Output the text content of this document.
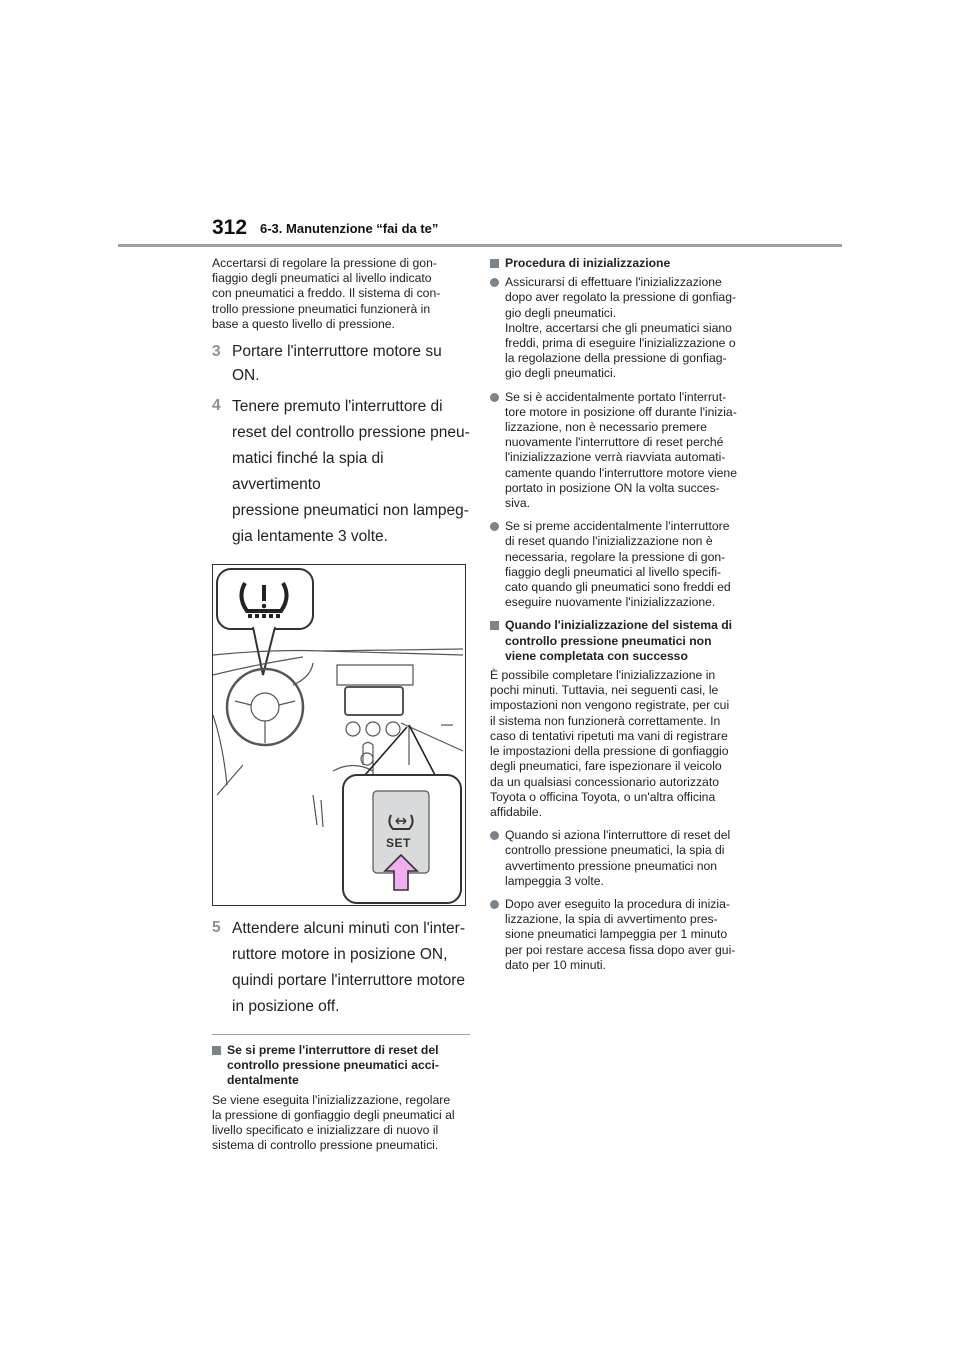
312 6-3. Manutenzione “fai da te”

Accertarsi di regolare la pressione di gon-
fiaggio degli pneumatici al livello indicato
con pneumatici a freddo. Il sistema di con-
trollo pressione pneumatici funzionerà in
base a questo livello di pressione.

3 Portare l'interruttore motore su ON.
4 Tenere premuto l'interruttore di
reset del controllo pressione pneu-
matici finché la spia di avvertimento
pressione pneumatici non lampeg-
gia lentamente 3 volte.
SET
5 Attendere alcuni minuti con l'inter-
ruttore motore in posizione ON,
quindi portare l'interruttore motore
in posizione off.
Se si preme l'interruttore di reset del
controllo pressione pneumatici acci-
dentalmente

Se viene eseguita l'inizializzazione, regolare
la pressione di gonfiaggio degli pneumatici al
livello specificato e inizializzare di nuovo il
sistema di controllo pressione pneumatici.

Procedura di inizializzazione
Assicurarsi di effettuare l'inizializzazione
dopo aver regolato la pressione di gonfiag-
gio degli pneumatici.
Inoltre, accertarsi che gli pneumatici siano
freddi, prima di eseguire l'inizializzazione o
la regolazione della pressione di gonfiag-
gio degli pneumatici.
Se si è accidentalmente portato l'interrut-
tore motore in posizione off durante l'inizia-
lizzazione, non è necessario premere
nuovamente l'interruttore di reset perché
l'inizializzazione verrà riavviata automati-
camente quando l'interruttore motore viene
portato in posizione ON la volta succes-
siva.
Se si preme accidentalmente l'interruttore
di reset quando l'inizializzazione non è
necessaria, regolare la pressione di gon-
fiaggio degli pneumatici al livello specifi-
cato quando gli pneumatici sono freddi ed
eseguire nuovamente l'inizializzazione.
Quando l'inizializzazione del sistema di
controllo pressione pneumatici non
viene completata con successo

È possibile completare l'inizializzazione in
pochi minuti. Tuttavia, nei seguenti casi, le
impostazioni non vengono registrate, per cui
il sistema non funzionerà correttamente. In
caso di tentativi ripetuti ma vani di registrare
le impostazioni della pressione di gonfiaggio
degli pneumatici, fare ispezionare il veicolo
da un qualsiasi concessionario autorizzato
Toyota o officina Toyota, o un'altra officina
affidabile.

Quando si aziona l'interruttore di reset del
controllo pressione pneumatici, la spia di
avvertimento pressione pneumatici non
lampeggia 3 volte.
Dopo aver eseguito la procedura di inizia-
lizzazione, la spia di avvertimento pres-
sione pneumatici lampeggia per 1 minuto
per poi restare accesa fissa dopo aver gui-
dato per 10 minuti.
